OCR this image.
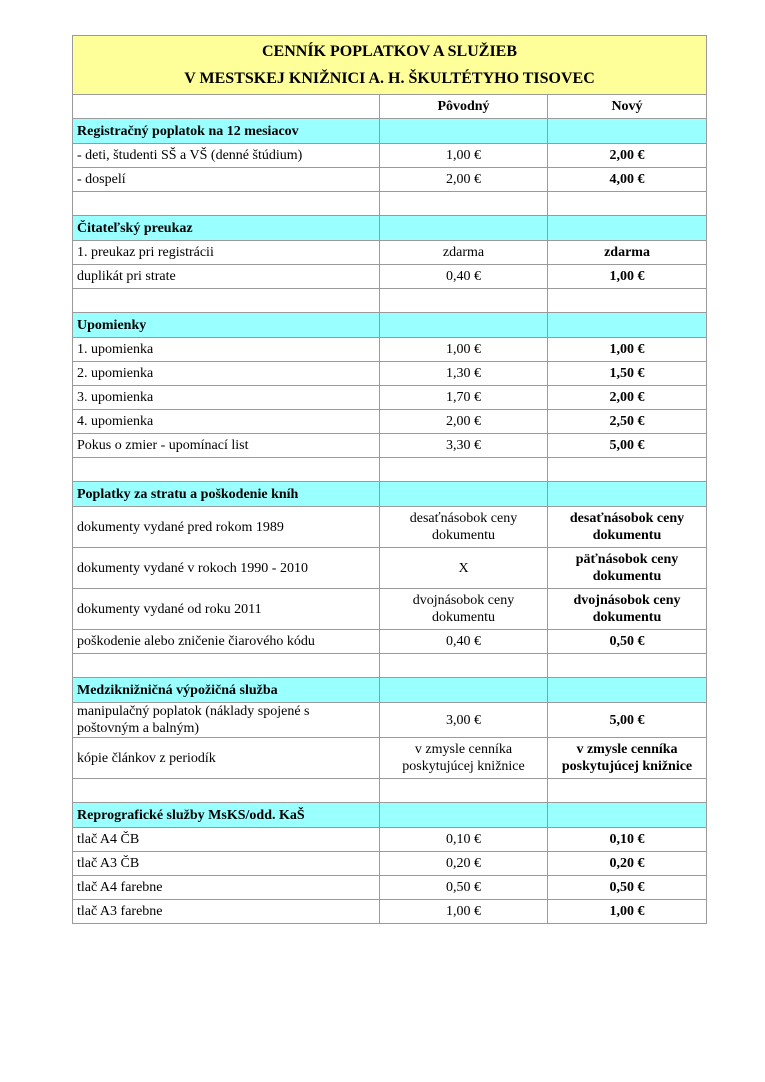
CENNÍK POPLATKOV A SLUŽIEB
V MESTSKEJ KNIŽNICI A. H. ŠKULTÉTYHO TISOVEC		

	Pôvodný	Nový
Registračný poplatok na 12 mesiacov		
- deti, študenti SŠ a VŠ (denné štúdium)	1,00 €	2,00 €
- dospelí	2,00 €	4,00 €

Čitateľský preukaz		
1. preukaz pri registrácii	zdarma	zdarma
duplikát pri strate	0,40 €	1,00 €

Upomienky		
1. upomienka	1,00 €	1,00 €
2. upomienka	1,30 €	1,50 €
3. upomienka	1,70 €	2,00 €
4. upomienka	2,00 €	2,50 €
Pokus o zmier - upomínací list	3,30 €	5,00 €

Poplatky za stratu a poškodenie kníh		
dokumenty vydané pred rokom 1989	desaťnásobok ceny dokumentu	desaťnásobok ceny dokumentu
dokumenty vydané v rokoch 1990 - 2010	X	päťnásobok ceny dokumentu
dokumenty vydané od roku 2011	dvojnásobok ceny dokumentu	dvojnásobok ceny dokumentu
poškodenie alebo zničenie čiarového kódu	0,40 €	0,50 €

Medziknižničná výpožičná služba		
manipulačný poplatok (náklady spojené s poštovným a balným)	3,00 €	5,00 €
kópie článkov z periodík	v zmysle cenníka poskytujúcej knižnice	v zmysle cenníka poskytujúcej knižnice

Reprografické služby MsKS/odd. KaŠ		
tlač A4 ČB	0,10 €	0,10 €
tlač A3 ČB	0,20 €	0,20 €
tlač A4 farebne	0,50 €	0,50 €
tlač A3 farebne	1,00 €	1,00 €
